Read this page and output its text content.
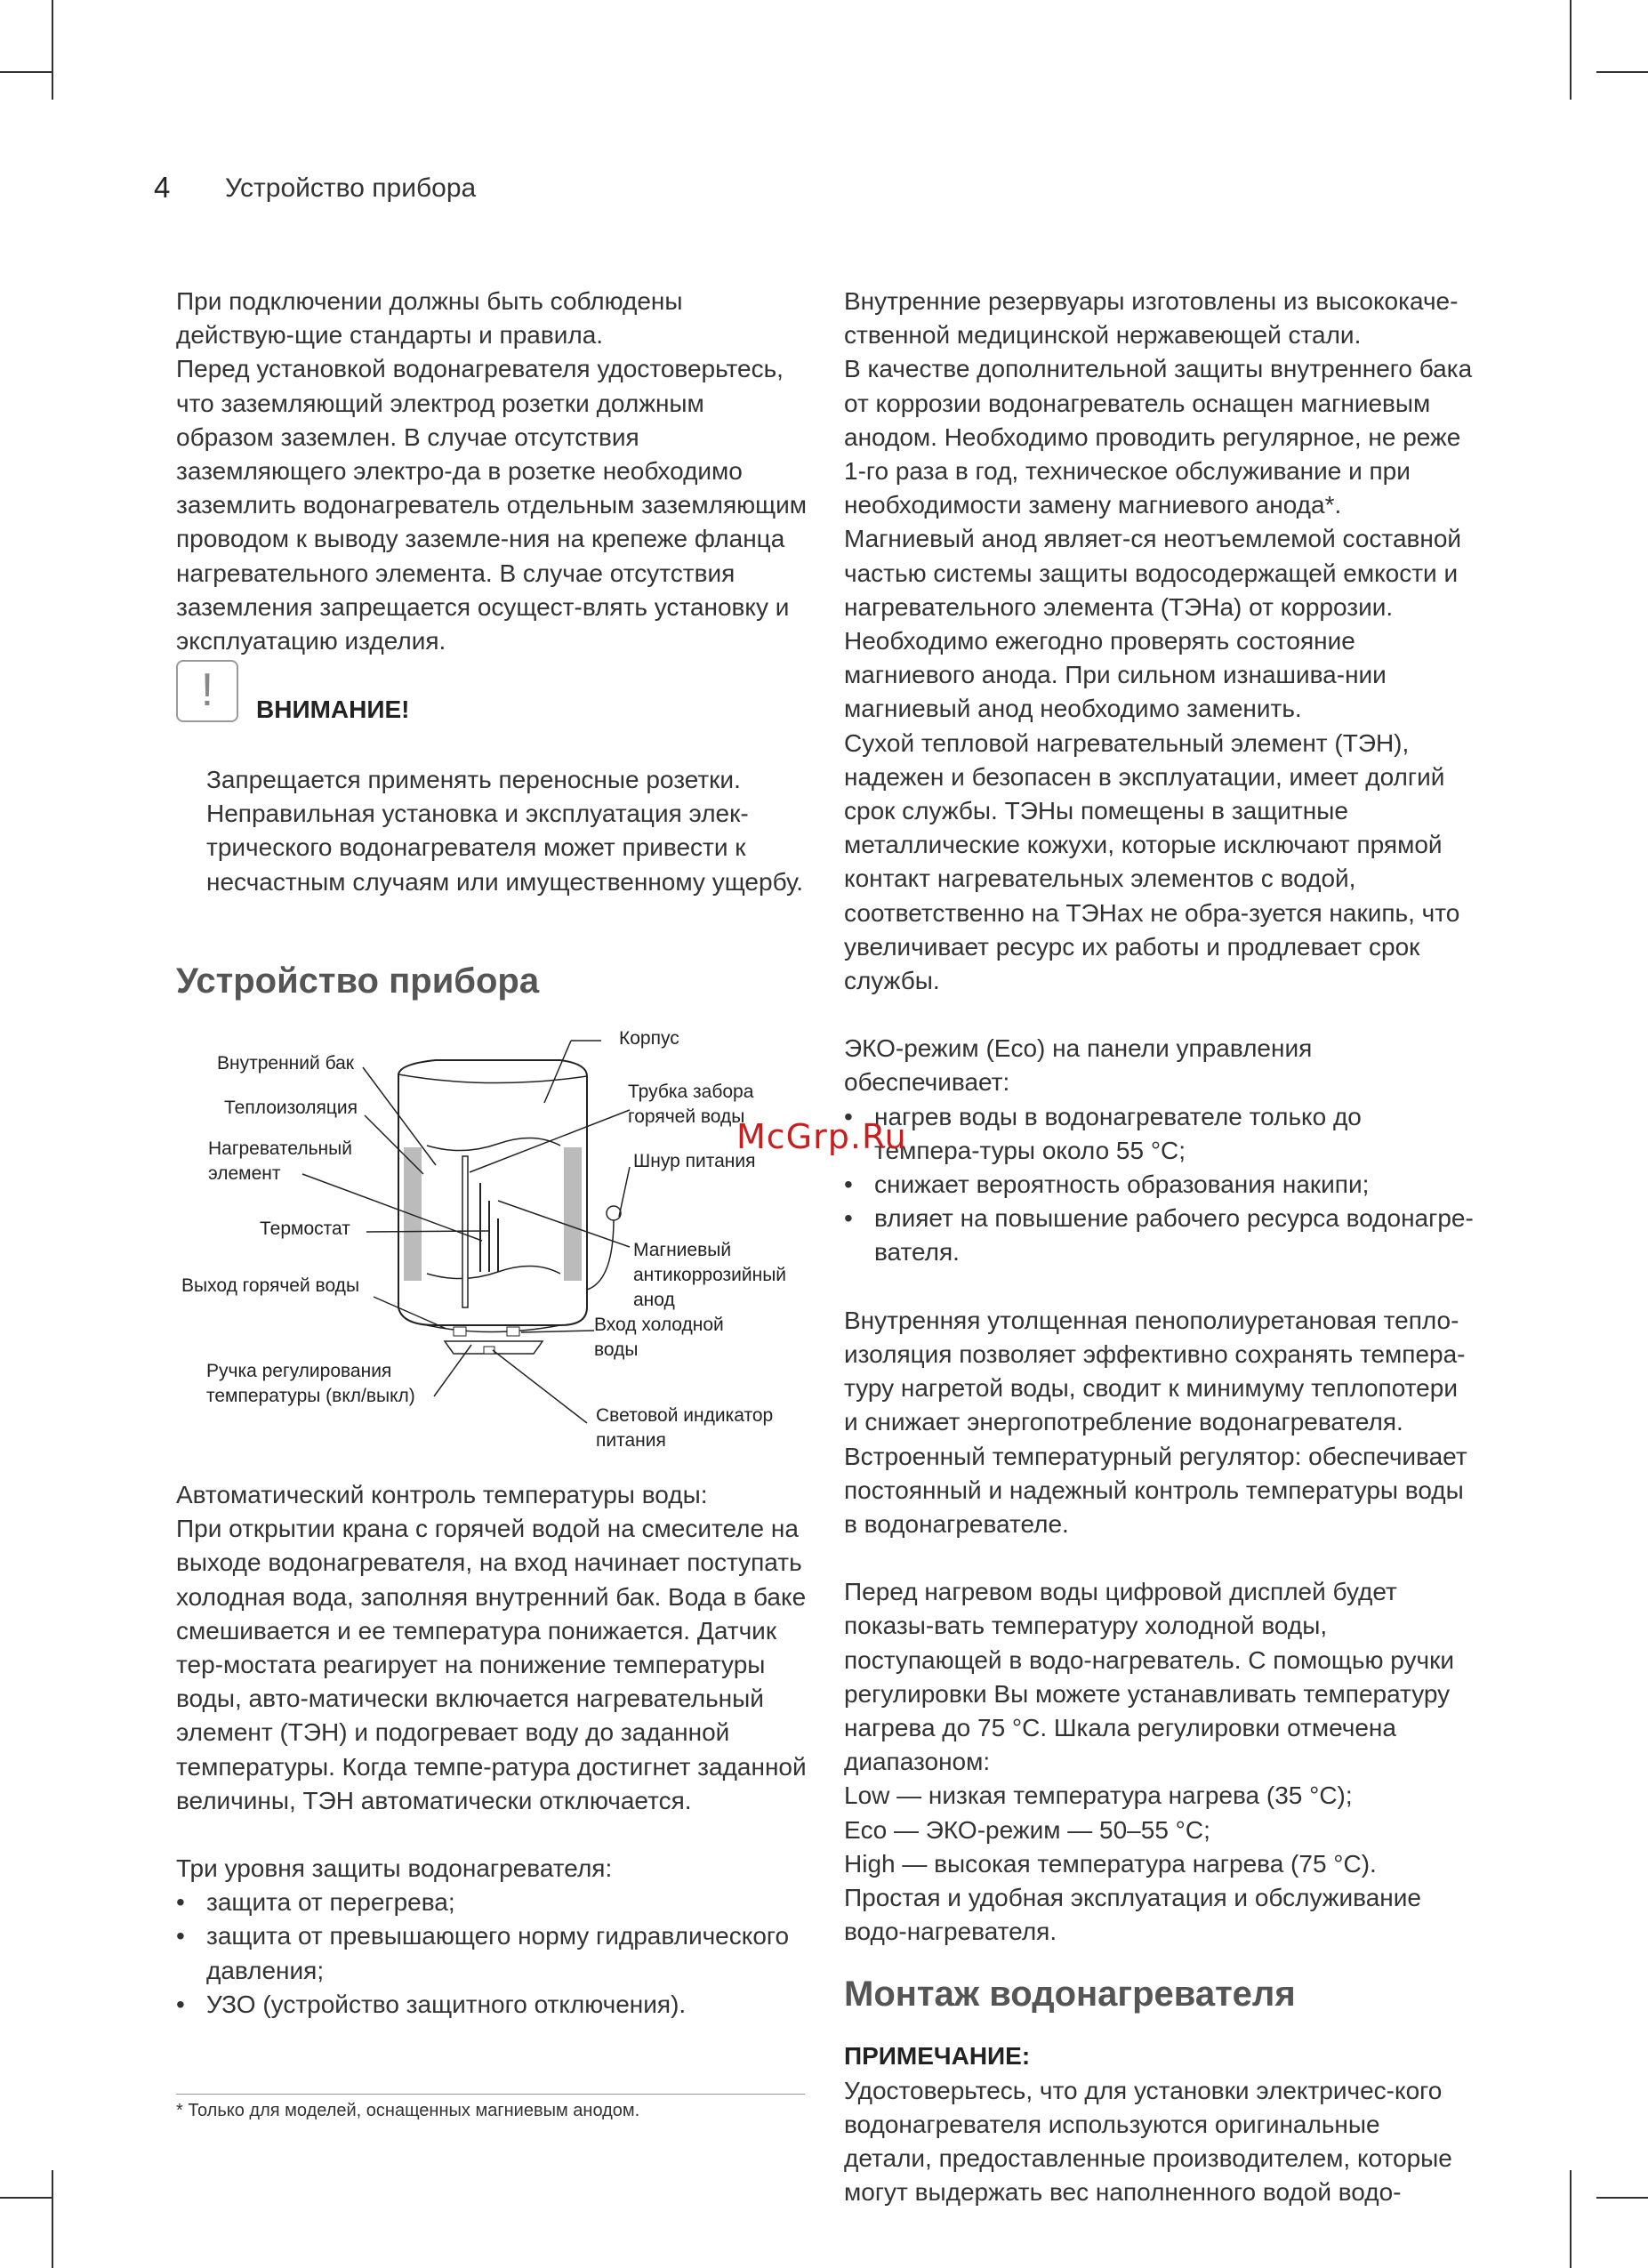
4 Устройство прибора

При подключении должны быть соблюдены действую-щие стандарты и правила.

Перед установкой водонагревателя удостоверьтесь, что заземляющий электрод розетки должным образом заземлен. В случае отсутствия заземляющего электро-да в розетке необходимо заземлить водонагреватель отдельным заземляющим проводом к выводу заземле-ния на крепеже фланца нагревательного элемента. В случае отсутствия заземления запрещается осущест-влять установку и эксплуатацию изделия.

!	ВНИМАНИЕ!
Запрещается применять переносные розетки. Неправильная установка и эксплуатация элек-трического водонагревателя может привести к несчастным случаям или имущественному ущербу.
Устройство прибора
Внутренний бак
Теплоизоляция
Нагревательный элемент
Термостат
Выход горячей воды
Ручка регулирования температуры (вкл/выкл)
Корпус
Трубка забора горячей воды
Шнур питания
Магниевый антикоррозийный анод
Вход холодной воды
Световой индикатор питания

Автоматический контроль температуры воды:

При открытии крана с горячей водой на смесителе на выходе водонагревателя, на вход начинает поступать холодная вода, заполняя внутренний бак. Вода в баке смешивается и ее температура понижается. Датчик тер-мостата реагирует на понижение температуры воды, авто-матически включается нагревательный элемент (ТЭН) и подогревает воду до заданной температуры. Когда темпе-ратура достигнет заданной величины, ТЭН автоматически отключается.

Три уровня защиты водонагревателя:

• защита от перегрева;

• защита от превышающего норму гидравлического давления;

• УЗО (устройство защитного отключения).

* Только для моделей, оснащенных магниевым анодом.

Внутренние резервуары изготовлены из высококаче-ственной медицинской нержавеющей стали.

В качестве дополнительной защиты внутреннего бака от коррозии водонагреватель оснащен магниевым анодом. Необходимо проводить регулярное, не реже 1-го раза в год, техническое обслуживание и при необходимости замену магниевого анода*. Магниевый анод являет-ся неотъемлемой составной частью системы защиты водосодержащей емкости и нагревательного элемента (ТЭНа) от коррозии. Необходимо ежегодно проверять состояние магниевого анода. При сильном изнашива-нии магниевый анод необходимо заменить.

Сухой тепловой нагревательный элемент (ТЭН), надежен и безопасен в эксплуатации, имеет долгий срок службы. ТЭНы помещены в защитные металлические кожухи, которые исключают прямой контакт нагревательных элементов с водой, соответственно на ТЭНах не обра-зуется накипь, что увеличивает ресурс их работы и продлевает срок службы.

ЭКО-режим (Eco) на панели управления обеспечивает:

• нагрев воды в водонагревателе только до темпера-туры около 55 °C;

• снижает вероятность образования накипи;

• влияет на повышение рабочего ресурса водонагре-вателя.

Внутренняя утолщенная пенополиуретановая тепло-изоляция позволяет эффективно сохранять темпера-туру нагретой воды, сводит к минимуму теплопотери и снижает энергопотребление водонагревателя.

Встроенный температурный регулятор: обеспечивает постоянный и надежный контроль температуры воды в водонагревателе.

Перед нагревом воды цифровой дисплей будет показы-вать температуру холодной воды, поступающей в водо-нагреватель. С помощью ручки регулировки Вы можете устанавливать температуру нагрева до 75 °C. Шкала регулировки отмечена диапазоном:

Low — низкая температура нагрева (35 °C);

Eco — ЭКО-режим — 50–55 °C;

High — высокая температура нагрева (75 °C).

Простая и удобная эксплуатация и обслуживание водо-нагревателя.

Монтаж водонагревателя

ПРИМЕЧАНИЕ:

Удостоверьтесь, что для установки электричес-кого водонагревателя используются оригинальные детали, предоставленные производителем, которые могут выдержать вес наполненного водой водо-

McGrp.Ru
